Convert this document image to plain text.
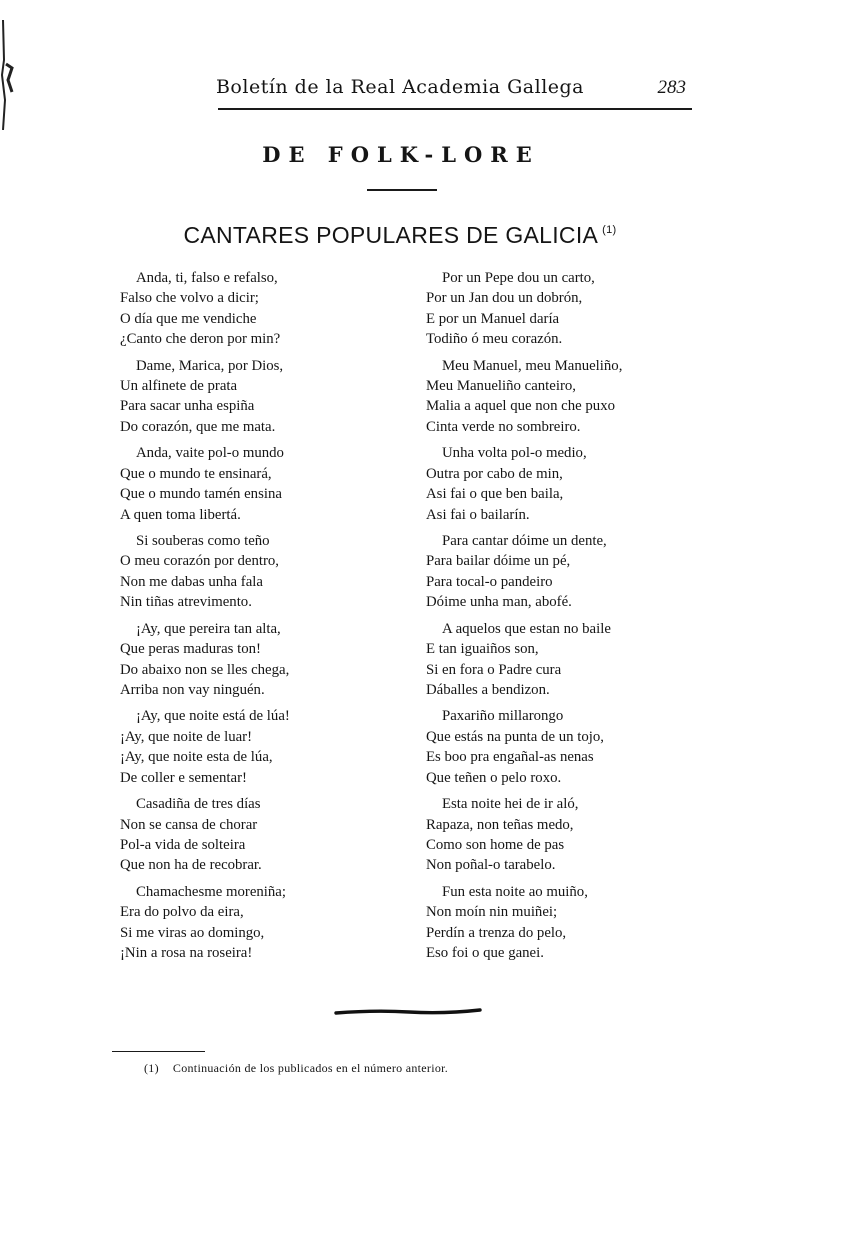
Boletín de la Real Academia Gallega	283
DE FOLK-LORE
CANTARES POPULARES DE GALICIA $^{(1)}$
Anda, ti, falso e refalso,
Falso che volvo a dicir;
O día que me vendiche
¿Canto che deron por min?
Dame, Marica, por Dios,
Un alfinete de prata
Para sacar unha espiña
Do corazón, que me mata.
Anda, vaite pol-o mundo
Que o mundo te ensinará,
Que o mundo tamén ensina
A quen toma libertá.
Si souberas como teño
O meu corazón por dentro,
Non me dabas unha fala
Nin tiñas atrevimento.
¡Ay, que pereira tan alta,
Que peras maduras ton!
Do abaixo non se lles chega,
Arriba non vay ninguén.
¡Ay, que noite está de lúa!
¡Ay, que noite de luar!
¡Ay, que noite esta de lúa,
De coller e sementar!
Casadiña de tres días
Non se cansa de chorar
Pol-a vida de solteira
Que non ha de recobrar.
Chamachesme moreniña;
Era do polvo da eira,
Si me viras ao domingo,
¡Nin a rosa na roseira!
Por un Pepe dou un carto,
Por un Jan dou un dobrón,
E por un Manuel daría
Todiño ó meu corazón.
Meu Manuel, meu Manueliño,
Meu Manueliño canteiro,
Malia a aquel que non che puxo
Cinta verde no sombreiro.
Unha volta pol-o medio,
Outra por cabo de min,
Asi fai o que ben baila,
Asi fai o bailarín.
Para cantar dóime un dente,
Para bailar dóime un pé,
Para tocal-o pandeiro
Dóime unha man, abofé.
A aquelos que estan no baile
E tan iguaiños son,
Si en fora o Padre cura
Dáballes a bendizon.
Paxariño millarongo
Que estás na punta de un tojo,
Es boo pra engañal-as nenas
Que teñen o pelo roxo.
Esta noite hei de ir aló,
Rapaza, non teñas medo,
Como son home de pas
Non poñal-o tarabelo.
Fun esta noite ao muiño,
Non moín nin muiñei;
Perdín a trenza do pelo,
Eso foi o que ganei.
(1) Continuación de los publicados en el número anterior.
